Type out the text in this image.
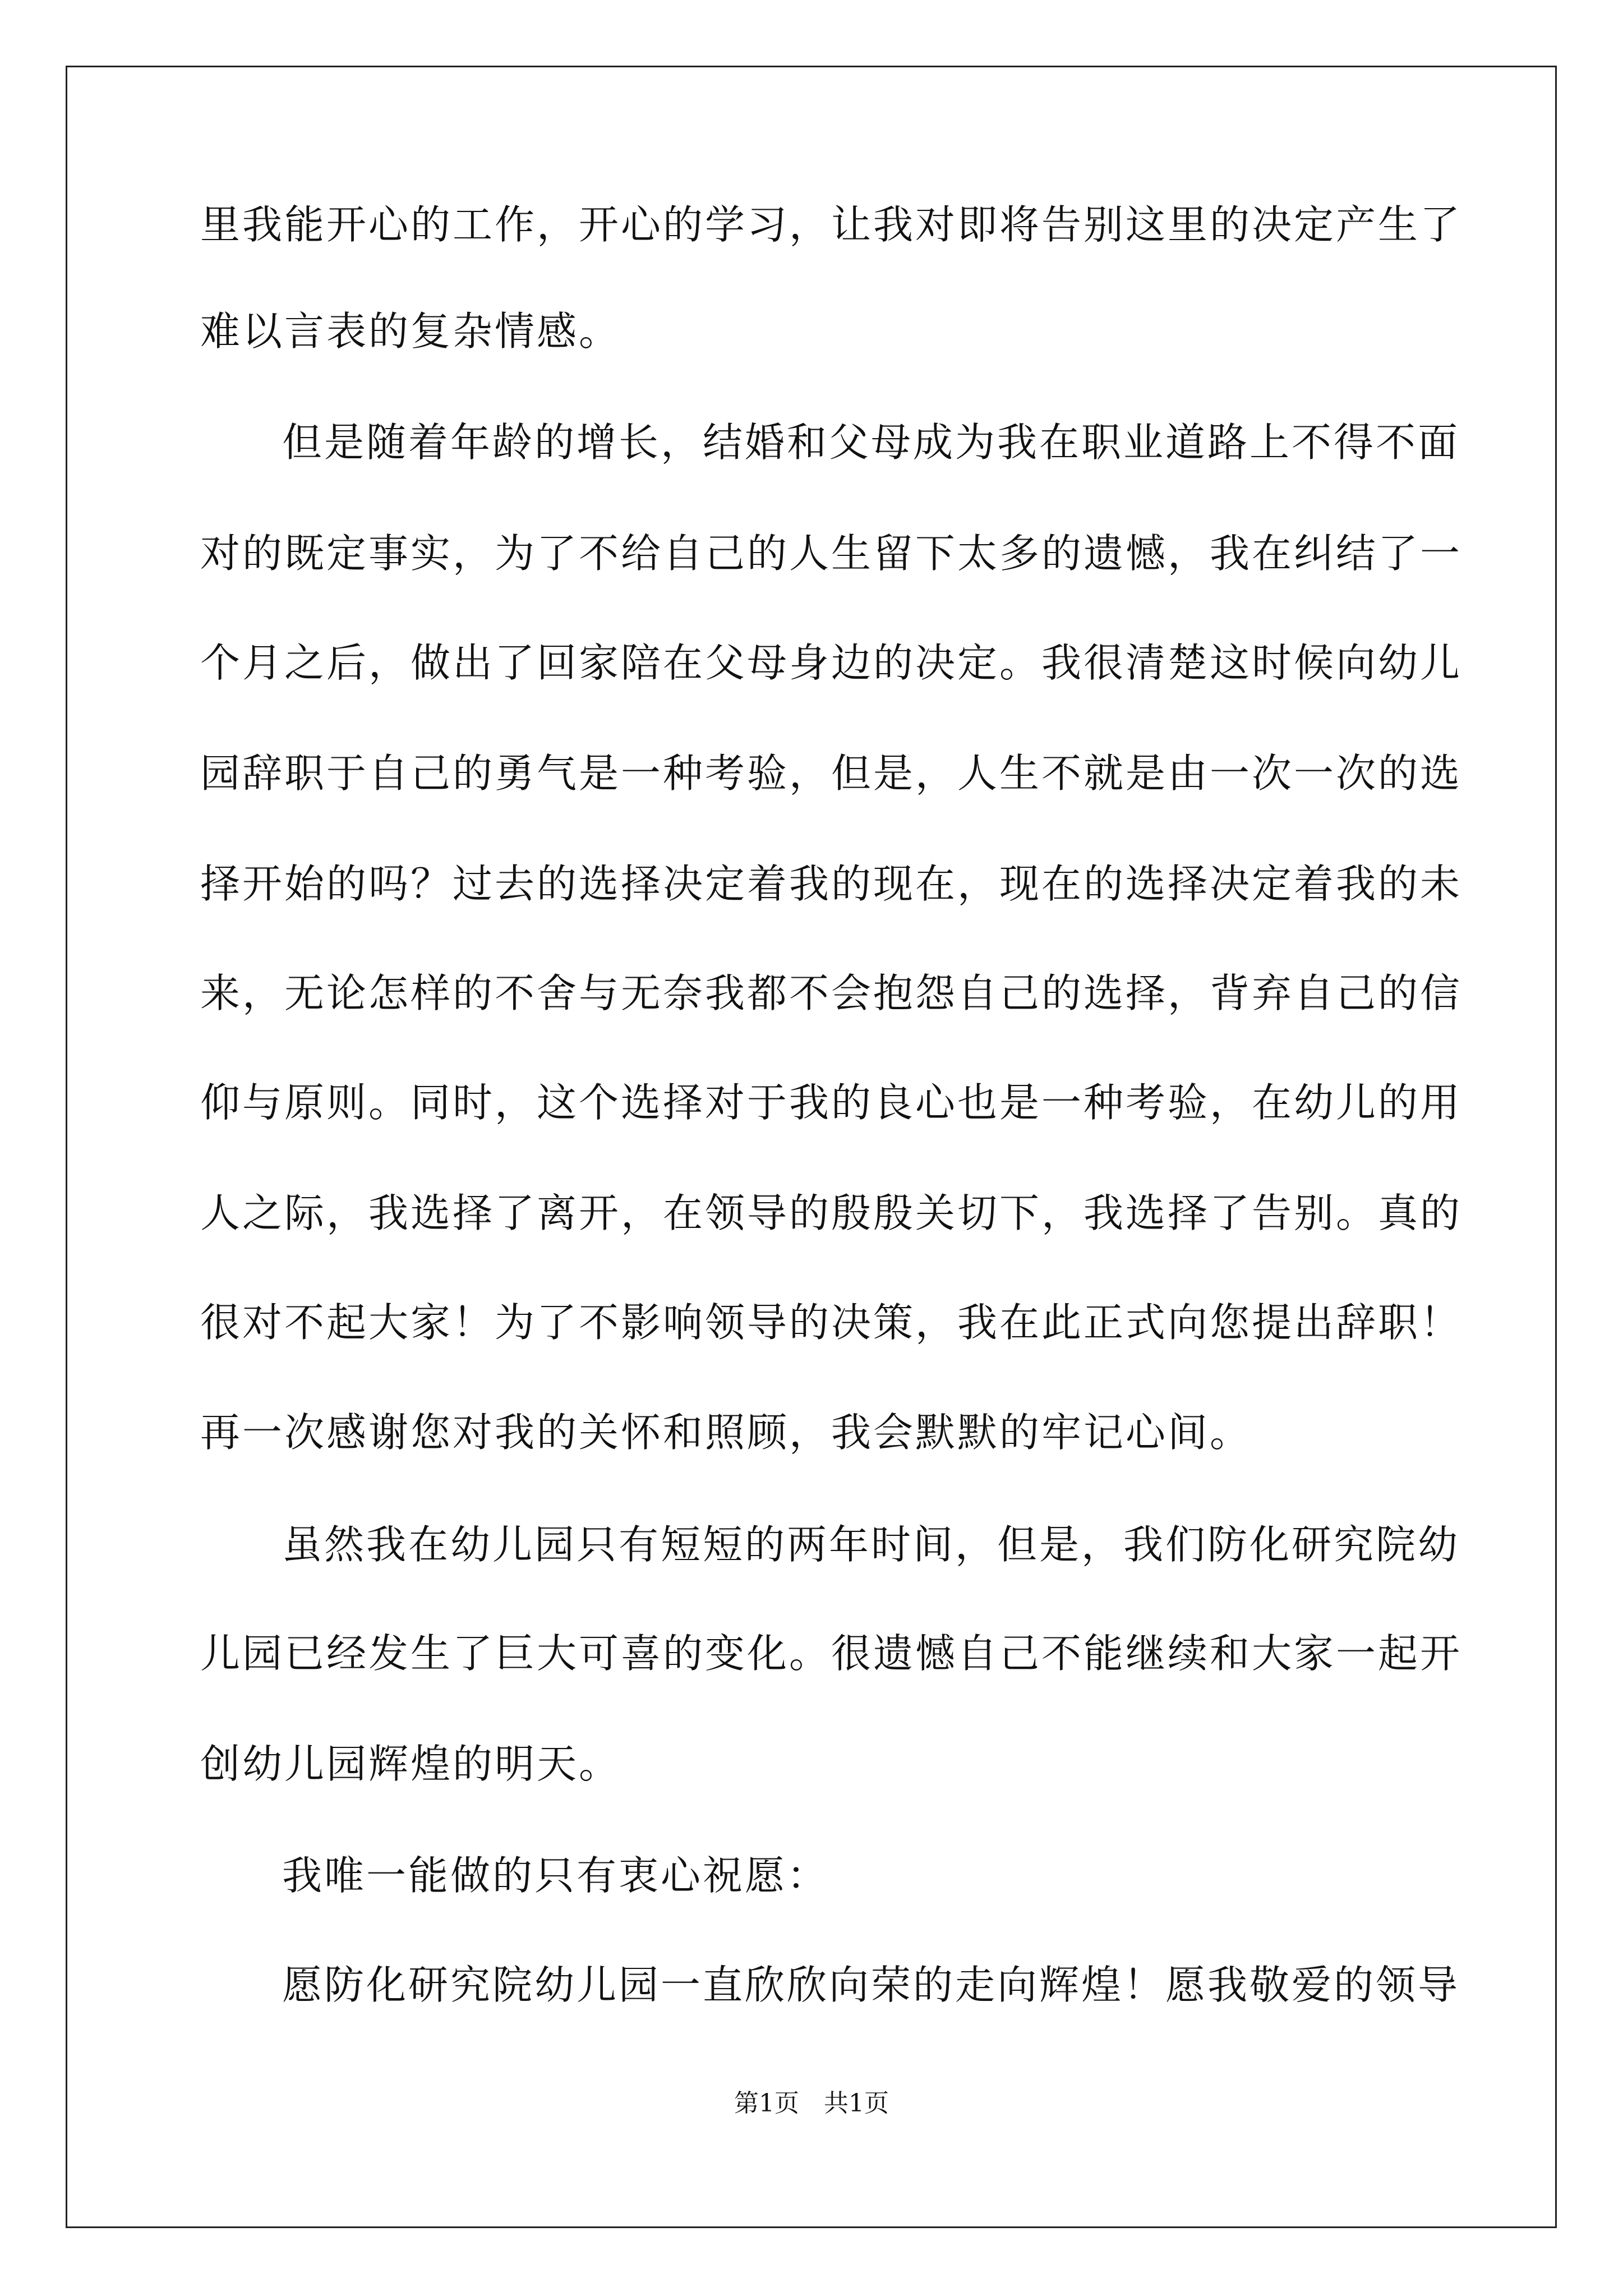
里我能开心的工作，开心的学习，让我对即将告别这里的决定产生了
难以言表的复杂情感。
但是随着年龄的增长，结婚和父母成为我在职业道路上不得不面
对的既定事实，为了不给自己的人生留下太多的遗憾，我在纠结了一
个月之后，做出了回家陪在父母身边的决定。我很清楚这时候向幼儿
园辞职于自己的勇气是一种考验，但是，人生不就是由一次一次的选
择开始的吗？过去的选择决定着我的现在，现在的选择决定着我的未
来，无论怎样的不舍与无奈我都不会抱怨自己的选择，背弃自己的信
仰与原则。同时，这个选择对于我的良心也是一种考验，在幼儿的用
人之际，我选择了离开，在领导的殷殷关切下，我选择了告别。真的
很对不起大家！为了不影响领导的决策，我在此正式向您提出辞职！
再一次感谢您对我的关怀和照顾，我会默默的牢记心间。
虽然我在幼儿园只有短短的两年时间，但是，我们防化研究院幼
儿园已经发生了巨大可喜的变化。很遗憾自己不能继续和大家一起开
创幼儿园辉煌的明天。
我唯一能做的只有衷心祝愿：
愿防化研究院幼儿园一直欣欣向荣的走向辉煌！愿我敬爱的领导
第1页　共1页
